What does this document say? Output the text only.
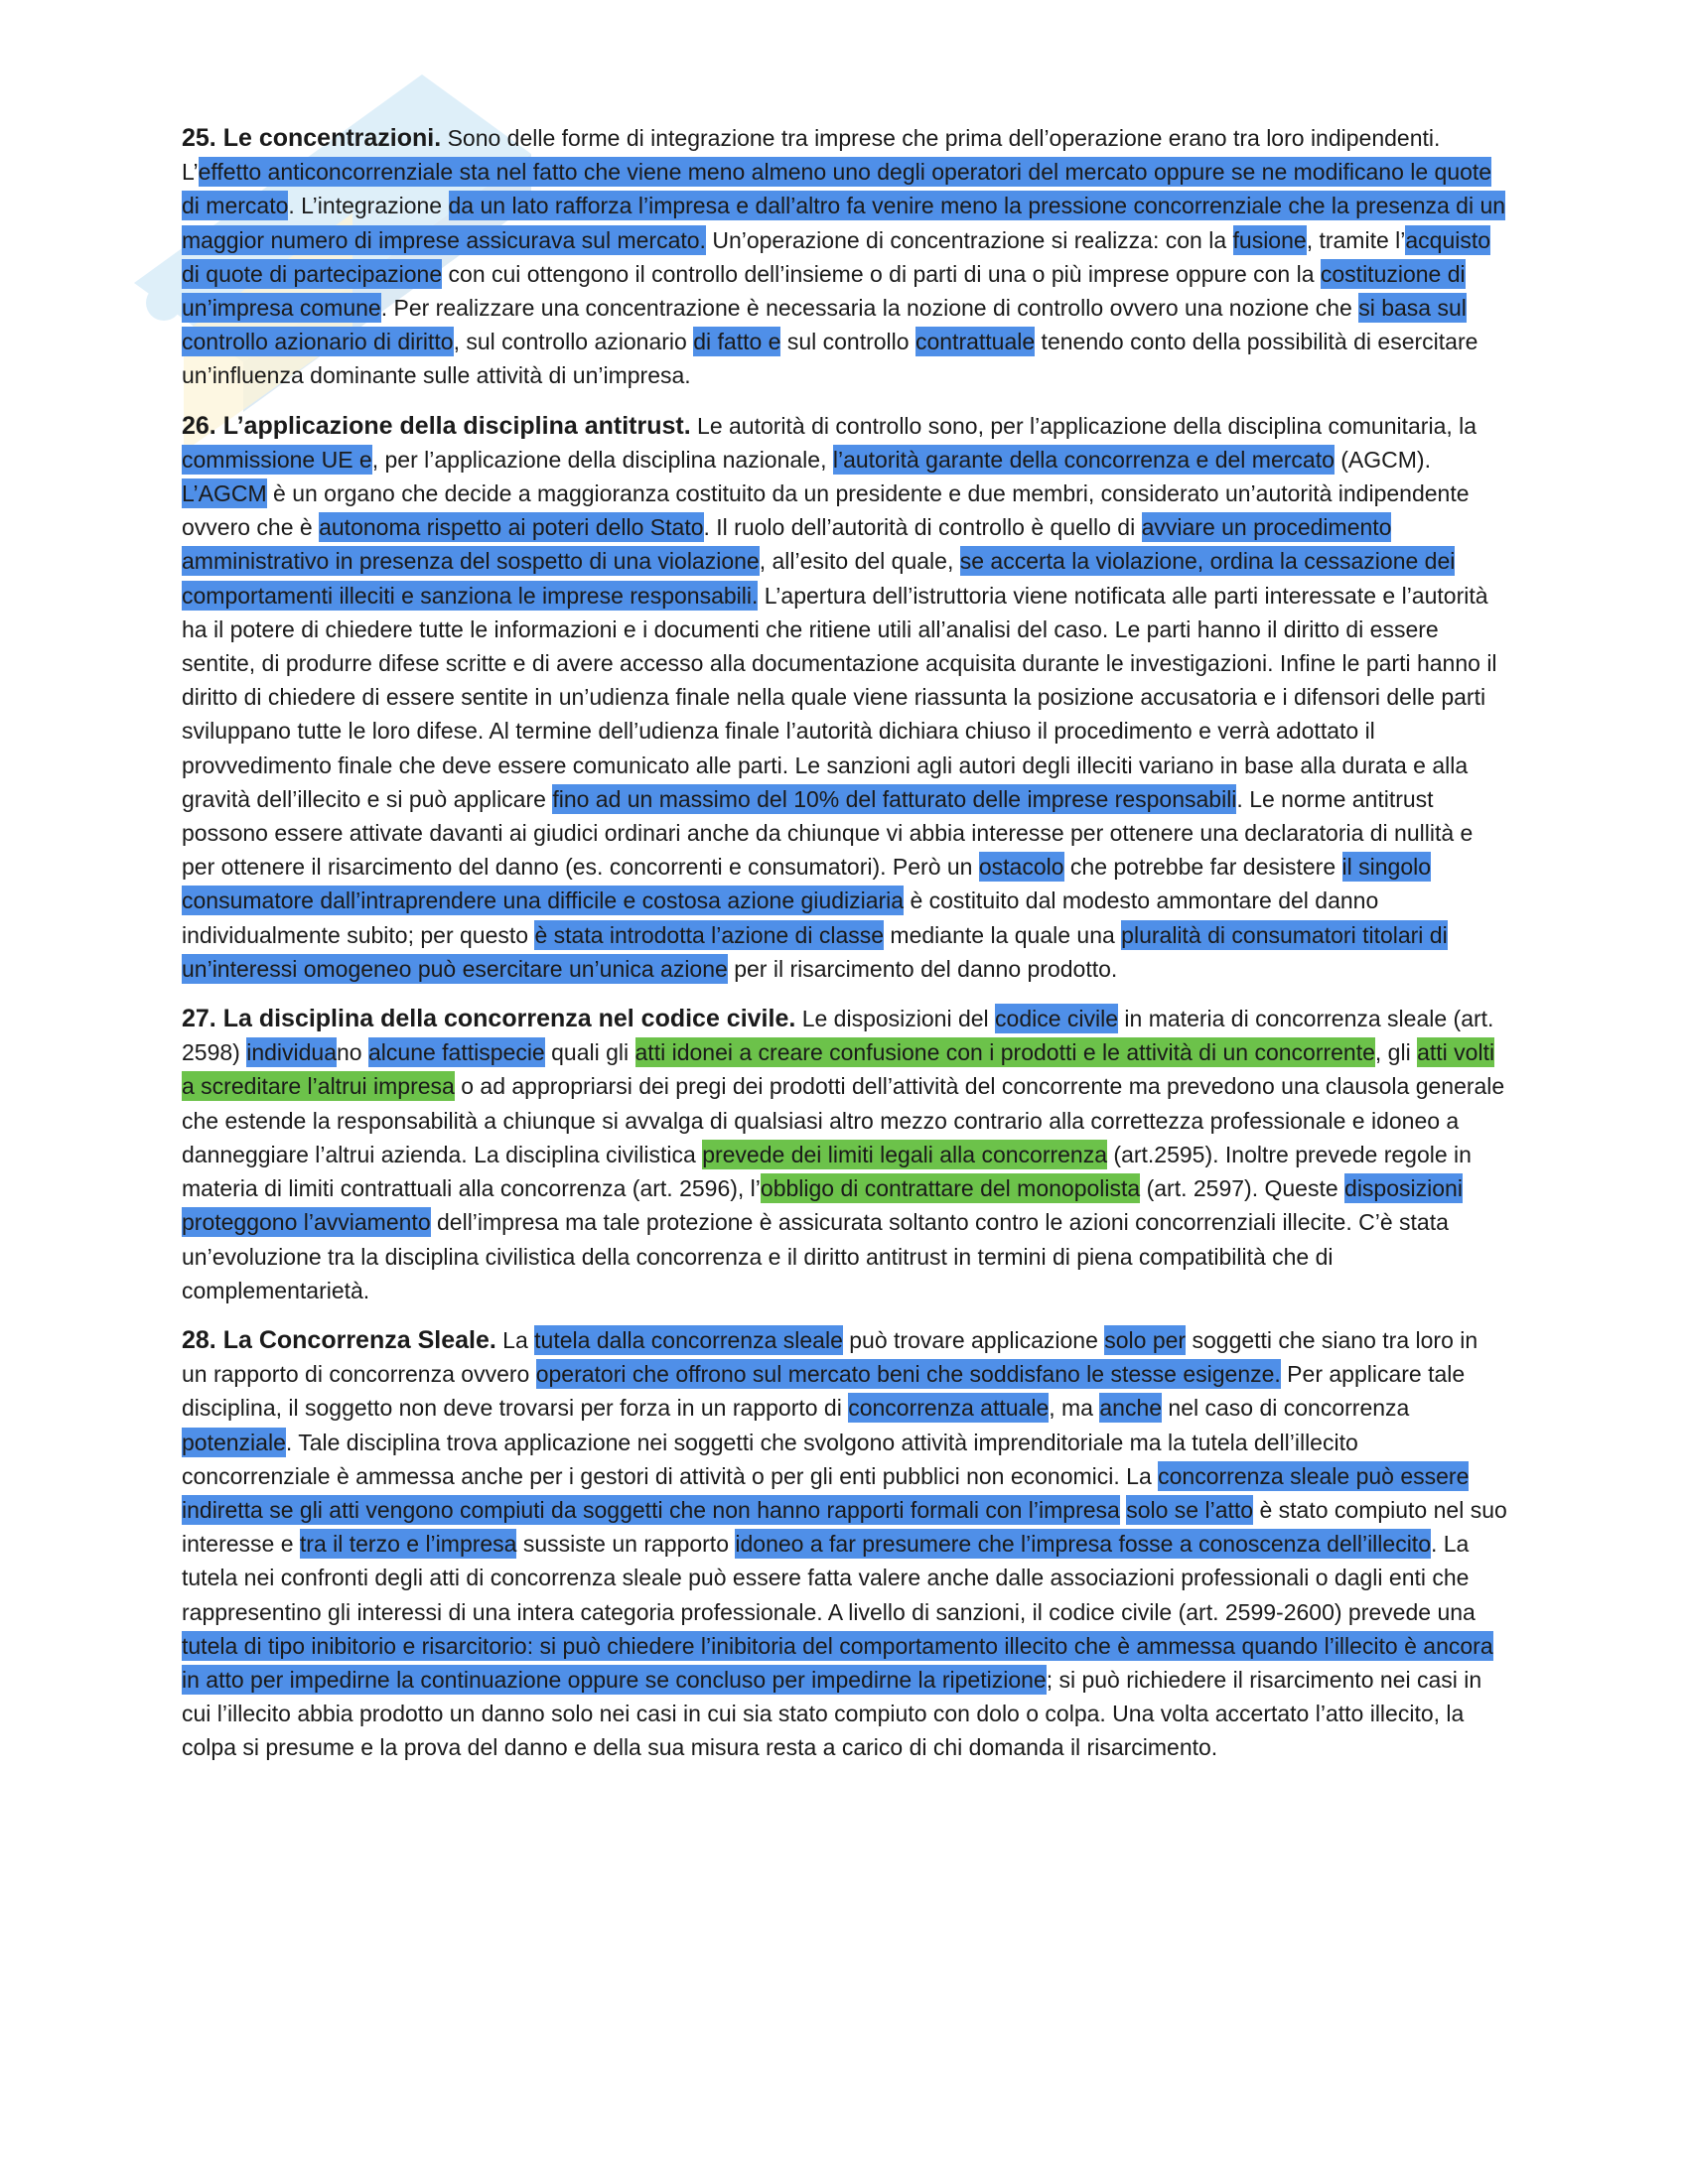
25. Le concentrazioni. Sono delle forme di integrazione tra imprese che prima dell’operazione erano tra loro indipendenti. L’effetto anticoncorrenziale sta nel fatto che viene meno almeno uno degli operatori del mercato oppure se ne modificano le quote di mercato. L’integrazione da un lato rafforza l’impresa e dall’altro fa venire meno la pressione concorrenziale che la presenza di un maggior numero di imprese assicurava sul mercato. Un’operazione di concentrazione si realizza: con la fusione, tramite l’acquisto di quote di partecipazione con cui ottengono il controllo dell’insieme o di parti di una o più imprese oppure con la costituzione di un’impresa comune. Per realizzare una concentrazione è necessaria la nozione di controllo ovvero una nozione che si basa sul controllo azionario di diritto, sul controllo azionario di fatto e sul controllo contrattuale tenendo conto della possibilità di esercitare un’influenza dominante sulle attività di un’impresa.

26. L’applicazione della disciplina antitrust. Le autorità di controllo sono, per l’applicazione della disciplina comunitaria, la commissione UE e, per l’applicazione della disciplina nazionale, l’autorità garante della concorrenza e del mercato (AGCM). L’AGCM è un organo che decide a maggioranza costituito da un presidente e due membri, considerato un’autorità indipendente ovvero che è autonoma rispetto ai poteri dello Stato. Il ruolo dell’autorità di controllo è quello di avviare un procedimento amministrativo in presenza del sospetto di una violazione, all’esito del quale, se accerta la violazione, ordina la cessazione dei comportamenti illeciti e sanziona le imprese responsabili. L’apertura dell’istruttoria viene notificata alle parti interessate e l’autorità ha il potere di chiedere tutte le informazioni e i documenti che ritiene utili all’analisi del caso. Le parti hanno il diritto di essere sentite, di produrre difese scritte e di avere accesso alla documentazione acquisita durante le investigazioni. Infine le parti hanno il diritto di chiedere di essere sentite in un’udienza finale nella quale viene riassunta la posizione accusatoria e i difensori delle parti sviluppano tutte le loro difese. Al termine dell’udienza finale l’autorità dichiara chiuso il procedimento e verrà adottato il provvedimento finale che deve essere comunicato alle parti. Le sanzioni agli autori degli illeciti variano in base alla durata e alla gravità dell’illecito e si può applicare fino ad un massimo del 10% del fatturato delle imprese responsabili. Le norme antitrust possono essere attivate davanti ai giudici ordinari anche da chiunque vi abbia interesse per ottenere una declaratoria di nullità e per ottenere il risarcimento del danno (es. concorrenti e consumatori). Però un ostacolo che potrebbe far desistere il singolo consumatore dall’intraprendere una difficile e costosa azione giudiziaria è costituito dal modesto ammontare del danno individualmente subito; per questo è stata introdotta l’azione di classe mediante la quale una pluralità di consumatori titolari di un’interessi omogeneo può esercitare un’unica azione per il risarcimento del danno prodotto.

27. La disciplina della concorrenza nel codice civile. Le disposizioni del codice civile in materia di concorrenza sleale (art. 2598) individuano alcune fattispecie quali gli atti idonei a creare confusione con i prodotti e le attività di un concorrente, gli atti volti a screditare l’altrui impresa o ad appropriarsi dei pregi dei prodotti dell’attività del concorrente ma prevedono una clausola generale che estende la responsabilità a chiunque si avvalga di qualsiasi altro mezzo contrario alla correttezza professionale e idoneo a danneggiare l’altrui azienda. La disciplina civilistica prevede dei limiti legali alla concorrenza (art.2595). Inoltre prevede regole in materia di limiti contrattuali alla concorrenza (art. 2596), l’obbligo di contrattare del monopolista (art. 2597). Queste disposizioni proteggono l’avviamento dell’impresa ma tale protezione è assicurata soltanto contro le azioni concorrenziali illecite. C’è stata un’evoluzione tra la disciplina civilistica della concorrenza e il diritto antitrust in termini di piena compatibilità che di complementarietà.

28. La Concorrenza Sleale. La tutela dalla concorrenza sleale può trovare applicazione solo per soggetti che siano tra loro in un rapporto di concorrenza ovvero operatori che offrono sul mercato beni che soddisfano le stesse esigenze. Per applicare tale disciplina, il soggetto non deve trovarsi per forza in un rapporto di concorrenza attuale, ma anche nel caso di concorrenza potenziale. Tale disciplina trova applicazione nei soggetti che svolgono attività imprenditoriale ma la tutela dell’illecito concorrenziale è ammessa anche per i gestori di attività o per gli enti pubblici non economici. La concorrenza sleale può essere indiretta se gli atti vengono compiuti da soggetti che non hanno rapporti formali con l’impresa solo se l’atto è stato compiuto nel suo interesse e tra il terzo e l’impresa sussiste un rapporto idoneo a far presumere che l’impresa fosse a conoscenza dell’illecito. La tutela nei confronti degli atti di concorrenza sleale può essere fatta valere anche dalle associazioni professionali o dagli enti che rappresentino gli interessi di una intera categoria professionale. A livello di sanzioni, il codice civile (art. 2599-2600) prevede una tutela di tipo inibitorio e risarcitorio: si può chiedere l’inibitoria del comportamento illecito che è ammessa quando l’illecito è ancora in atto per impedirne la continuazione oppure se concluso per impedirne la ripetizione; si può richiedere il risarcimento nei casi in cui l’illecito abbia prodotto un danno solo nei casi in cui sia stato compiuto con dolo o colpa. Una volta accertato l’atto illecito, la colpa si presume e la prova del danno e della sua misura resta a carico di chi domanda il risarcimento.
